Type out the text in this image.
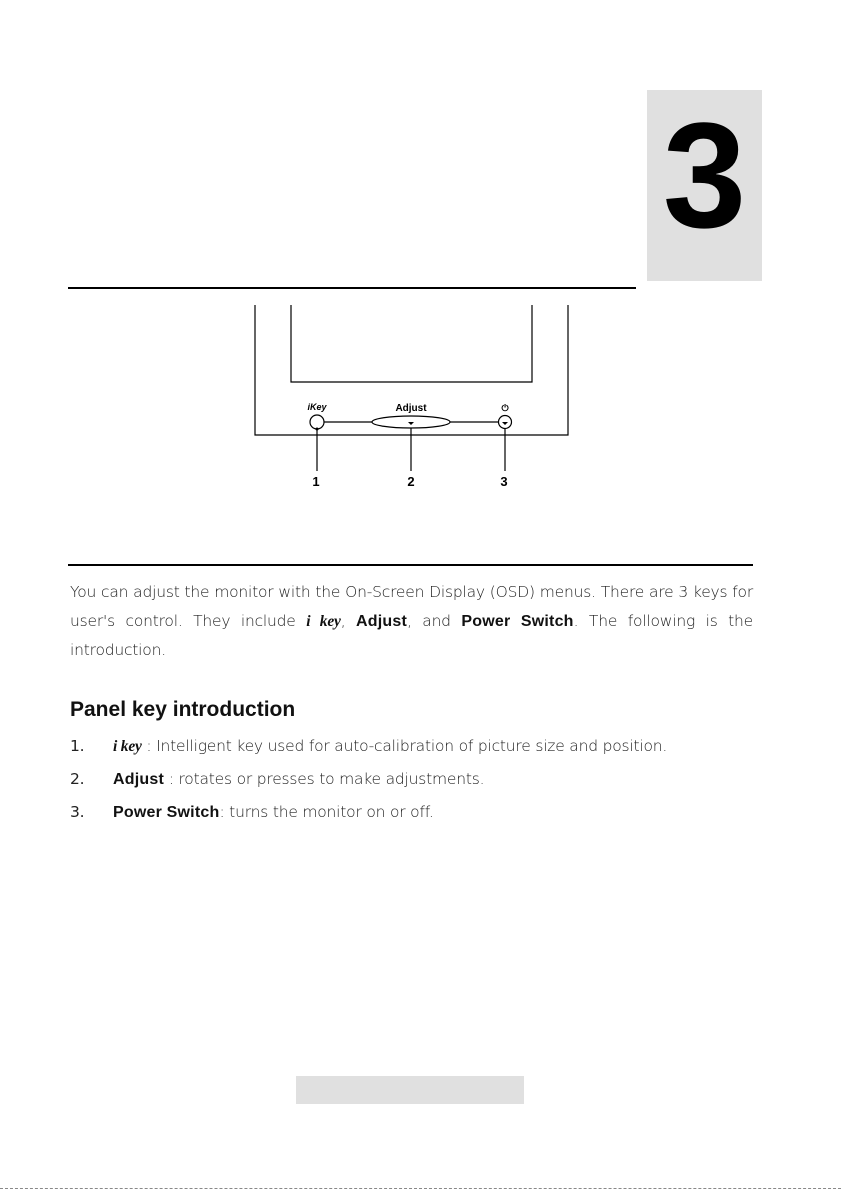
3
iKey	Adjust	⏻
1	2	3

You can adjust the monitor with the On-Screen Display (OSD) menus. There are 3 keys for user's control. They include i key, Adjust, and Power Switch. The following is the introduction.

Panel key introduction
1.	i key : Intelligent key used for auto-calibration of picture size and position.
2.	Adjust : rotates or presses to make adjustments.
3.	Power Switch: turns the monitor on or off.
